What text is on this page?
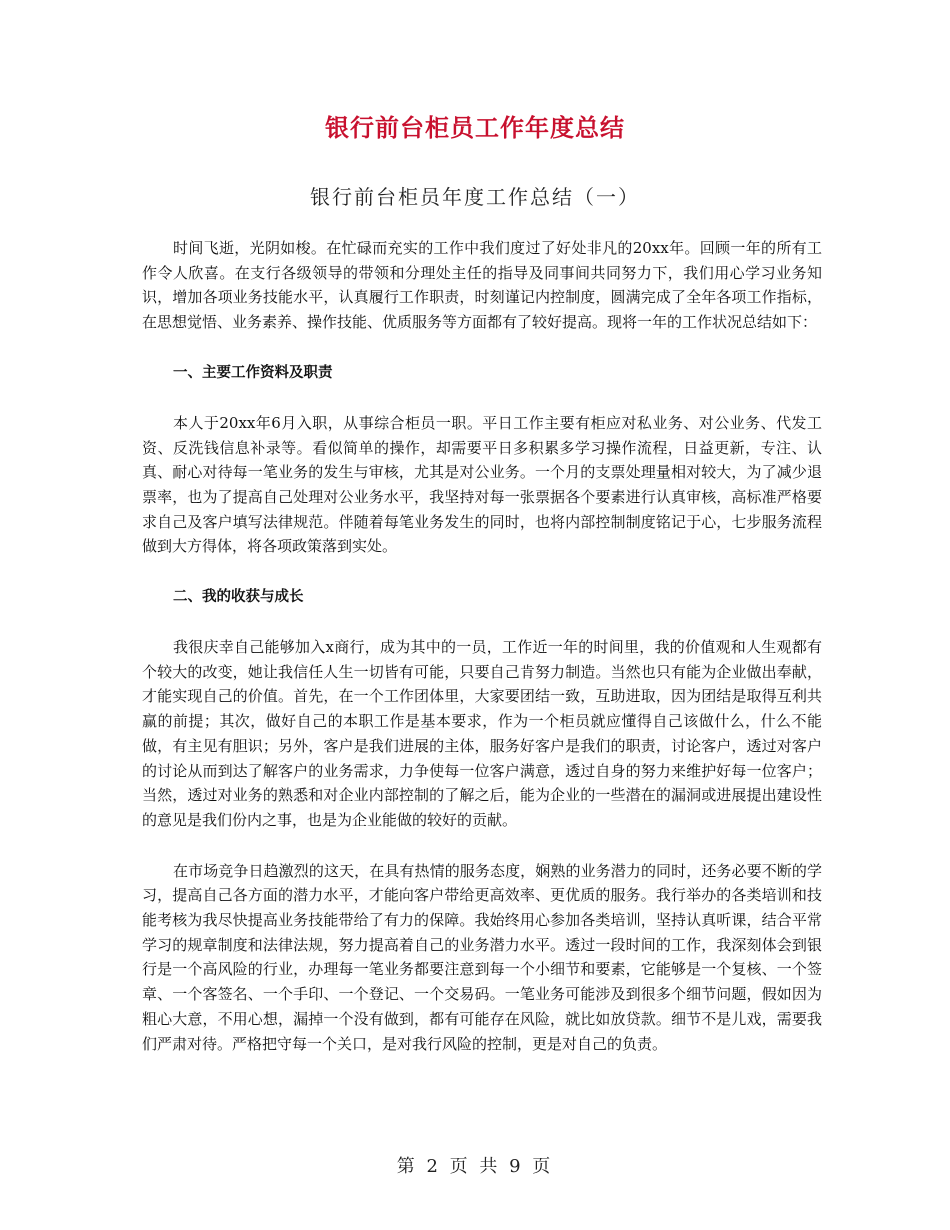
银行前台柜员工作年度总结
银行前台柜员年度工作总结（一）

时间飞逝，光阴如梭。在忙碌而充实的工作中我们度过了好处非凡的20xx年。回顾一年的所有工作令人欣喜。在支行各级领导的带领和分理处主任的指导及同事间共同努力下，我们用心学习业务知识，增加各项业务技能水平，认真履行工作职责，时刻谨记内控制度，圆满完成了全年各项工作指标，在思想觉悟、业务素养、操作技能、优质服务等方面都有了较好提高。现将一年的工作状况总结如下：

一、主要工作资料及职责

本人于20xx年6月入职，从事综合柜员一职。平日工作主要有柜应对私业务、对公业务、代发工资、反洗钱信息补录等。看似简单的操作，却需要平日多积累多学习操作流程，日益更新，专注、认真、耐心对待每一笔业务的发生与审核，尤其是对公业务。一个月的支票处理量相对较大，为了减少退票率，也为了提高自己处理对公业务水平，我坚持对每一张票据各个要素进行认真审核，高标准严格要求自己及客户填写法律规范。伴随着每笔业务发生的同时，也将内部控制制度铭记于心，七步服务流程做到大方得体，将各项政策落到实处。

二、我的收获与成长

我很庆幸自己能够加入x商行，成为其中的一员，工作近一年的时间里，我的价值观和人生观都有个较大的改变，她让我信任人生一切皆有可能，只要自己肯努力制造。当然也只有能为企业做出奉献，才能实现自己的价值。首先，在一个工作团体里，大家要团结一致，互助进取，因为团结是取得互利共赢的前提；其次，做好自己的本职工作是基本要求，作为一个柜员就应懂得自己该做什么，什么不能做，有主见有胆识；另外，客户是我们进展的主体，服务好客户是我们的职责，讨论客户，透过对客户的讨论从而到达了解客户的业务需求，力争使每一位客户满意，透过自身的努力来维护好每一位客户；当然，透过对业务的熟悉和对企业内部控制的了解之后，能为企业的一些潜在的漏洞或进展提出建设性的意见是我们份内之事，也是为企业能做的较好的贡献。

在市场竞争日趋激烈的这天，在具有热情的服务态度，娴熟的业务潜力的同时，还务必要不断的学习，提高自己各方面的潜力水平，才能向客户带给更高效率、更优质的服务。我行举办的各类培训和技能考核为我尽快提高业务技能带给了有力的保障。我始终用心参加各类培训，坚持认真听课，结合平常学习的规章制度和法律法规，努力提高着自己的业务潜力水平。透过一段时间的工作，我深刻体会到银行是一个高风险的行业，办理每一笔业务都要注意到每一个小细节和要素，它能够是一个复核、一个签章、一个客签名、一个手印、一个登记、一个交易码。一笔业务可能涉及到很多个细节问题，假如因为粗心大意，不用心想，漏掉一个没有做到，都有可能存在风险，就比如放贷款。细节不是儿戏，需要我们严肃对待。严格把守每一个关口，是对我行风险的控制，更是对自己的负责。

第 2 页 共 9 页
